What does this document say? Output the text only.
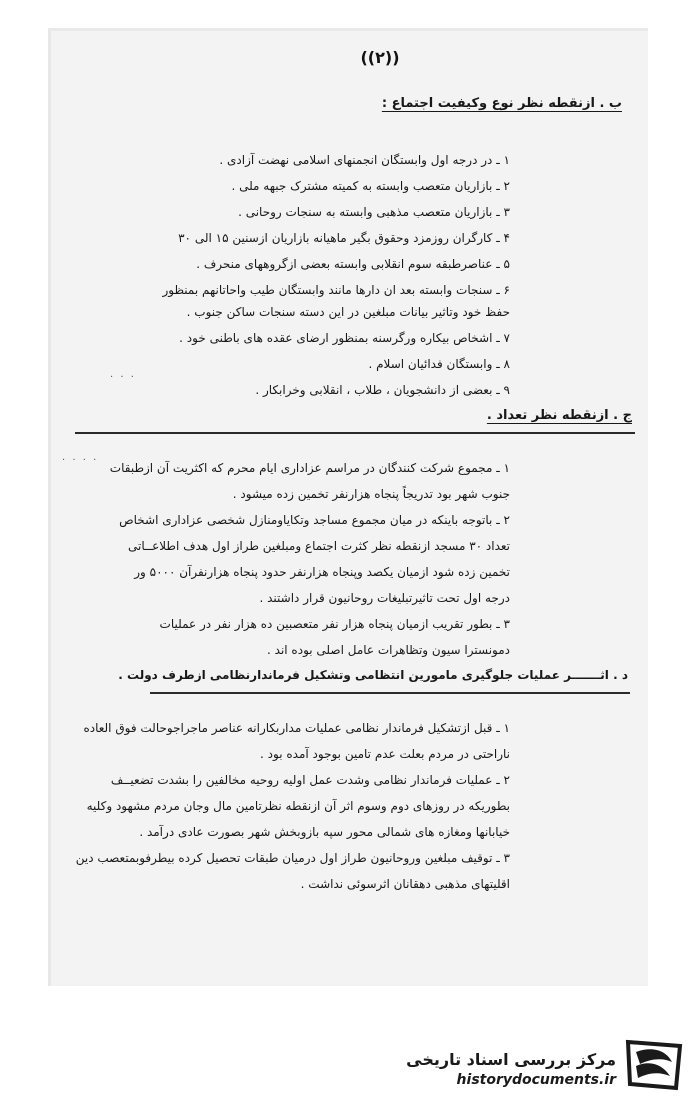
((۲))
ب . ازنقطه نظر نوع وکیفیت اجتماع :
۱ ـ در درجه اول وابستگان انجمنهای اسلامی نهضت آزادی .
۲ ـ بازاریان متعصب وابسته به کمیته مشترک جبهه ملی .
۳ ـ بازاریان متعصب مذهبی وابسته به سنجات روحانی .
۴ ـ کارگران روزمزد وحقوق بگیر ماهیانه بازاریان ازسنین ۱۵ الی ۳۰
۵ ـ عناصرطبقه سوم انقلابی وابسته بعضی ازگروههای منحرف .
۶ ـ سنجات وابسته بعد ان دارها مانند وابستگان طیب واحاتانهم بمنظور
حفظ خود وتاثیر بیانات مبلغین در این دسته سنجات ساکن جنوب .
۷ ـ اشخاص بیکاره ورگرسنه بمنظور ارضای عقده های باطنی خود .
۸ ـ وابستگان فدائیان اسلام .
۹ ـ بعضی از دانشجویان ، طلاب ، انقلابی وخرابکار .
· · ·
ج . ازنقطه نظر تعداد .
· · · ·
۱ ـ مجموع شرکت کنندگان در مراسم عزاداری ایام محرم که اکثریت آن ازطبقات
جنوب شهر بود تدریجاً پنجاه هزارنفر تخمین زده میشود .
۲ ـ باتوجه باینکه در میان مجموع مساجد وتکایاومنازل شخصی عزاداری اشخاص
تعداد ۳۰ مسجد ازنقطه نظر کثرت اجتماع ومبلغین طراز اول هدف اطلاعــاتی
تخمین زده شود ازمیان یکصد وپنجاه هزارنفر حدود پنجاه هزارنفرآن ۵۰۰۰ ور
درجه اول تحت تاثیرتبلیغات روحانیون قرار داشتند .
۳ ـ بطور تقریب ازمیان پنجاه هزار نفر متعصبین ده هزار نفر در عملیات
دمونسترا سیون وتظاهرات عامل اصلی بوده اند .
د . اثـــــــر عملیات جلوگیری مامورین انتظامی وتشکیل فرماندارنظامی ازطرف دولت .
۱ ـ قبل ازتشکیل فرماندار نظامی عملیات مداربکارانه عناصر ماجراجوحالت فوق العاده
ناراحتی در مردم بعلت عدم تامین بوجود آمده بود .
۲ ـ عملیات فرماندار نظامی وشدت عمل اولیه روحیه مخالفین را بشدت تضعیــف
بطوریکه در روزهای دوم وسوم اثر آن ازنقطه نظرتامین مال وجان مردم مشهود وکلیه
خیابانها ومغازه های شمالی محور سپه بازوبخش شهر بصورت عادی درآمد .
۳ ـ توقیف مبلغین وروحانیون طراز اول درمیان طبقات تحصیل کرده بیطرفوبمتعصب دین
اقلیتهای مذهبی دهقانان اثرسوئی نداشت .
مرکز بررسی اسناد تاریخی
historydocuments.ir
